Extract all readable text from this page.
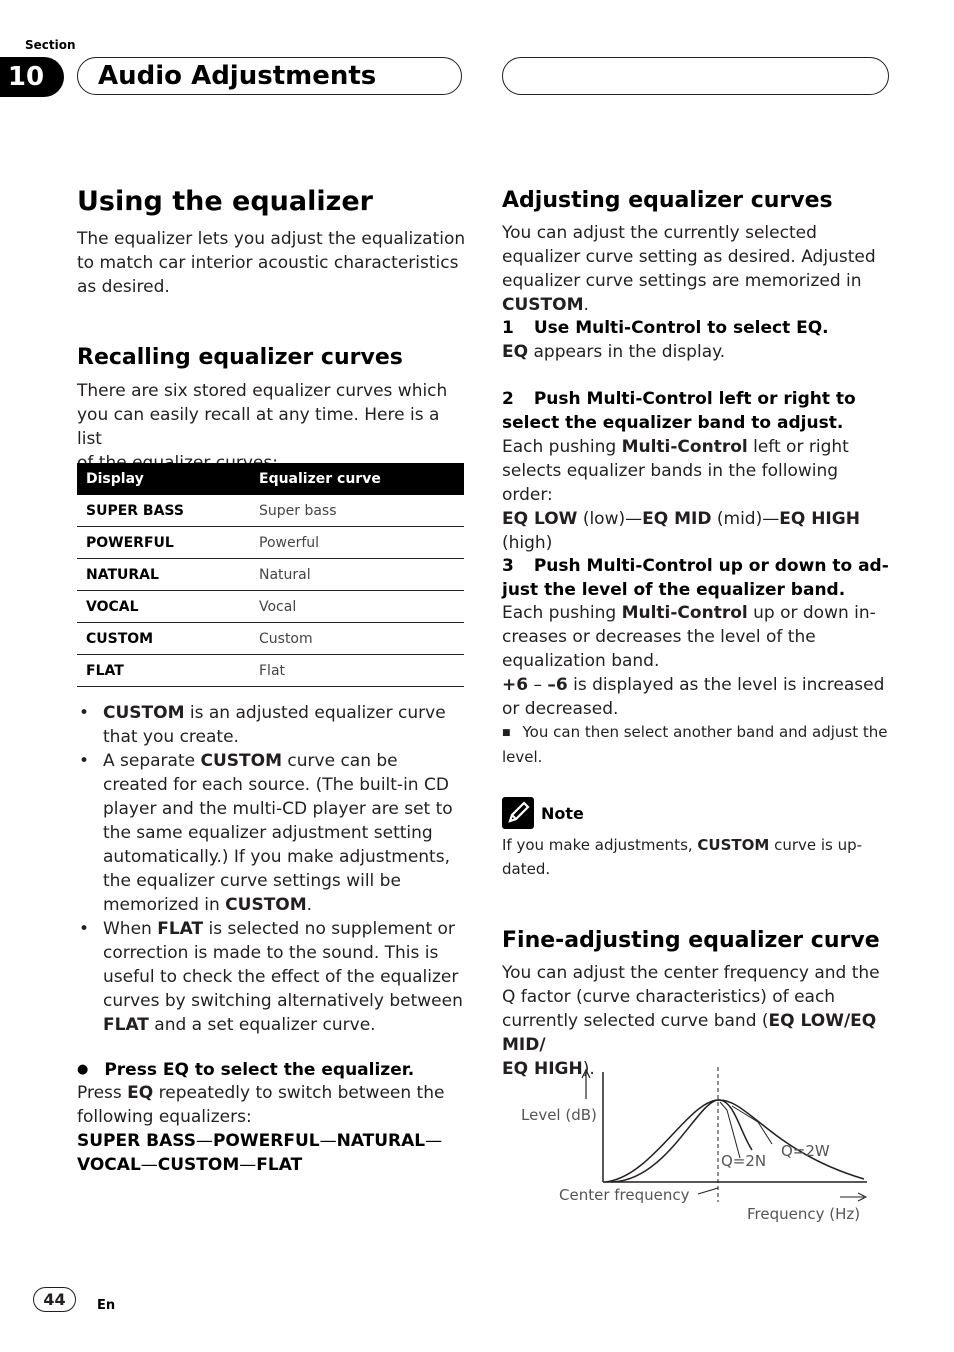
Section
10	Audio Adjustments
Using the equalizer
The equalizer lets you adjust the equalization
to match car interior acoustic characteristics
as desired.
Recalling equalizer curves
There are six stored equalizer curves which
you can easily recall at any time. Here is a list
Display	Equalizer curve
SUPER BASS	Super bass
POWERFUL	Powerful
NATURAL	Natural
VOCAL	Vocal
CUSTOM	Custom
FLAT	Flat
• CUSTOM is an adjusted equalizer curve that you create.
• A separate CUSTOM curve can be created for each source. (The built-in CD player and the multi-CD player are set to the same equalizer adjustment setting automatically.) If you make adjustments, the equalizer curve settings will be memorized in CUSTOM.
• When FLAT is selected no supplement or correction is made to the sound. This is useful to check the effect of the equalizer curves by switching alternatively between FLAT and a set equalizer curve.
● Press EQ to select the equalizer.
Press EQ repeatedly to switch between the following equalizers:
SUPER BASS—POWERFUL—NATURAL—
VOCAL—CUSTOM—FLAT
Adjusting equalizer curves
You can adjust the currently selected equalizer curve setting as desired. Adjusted equalizer curve settings are memorized in CUSTOM.
1 Use Multi-Control to select EQ.
EQ appears in the display.
2 Push Multi-Control left or right to select the equalizer band to adjust.
Each pushing Multi-Control left or right selects equalizer bands in the following order:
EQ LOW (low)—EQ MID (mid)—EQ HIGH (high)
3 Push Multi-Control up or down to adjust the level of the equalizer band.
Each pushing Multi-Control up or down increases or decreases the level of the equalization band.
+6 – –6 is displayed as the level is increased or decreased.
■ You can then select another band and adjust the level.
Note
If you make adjustments, CUSTOM curve is updated.
Fine-adjusting equalizer curve
You can adjust the center frequency and the Q factor (curve characteristics) of each currently selected curve band (EQ LOW/EQ MID/
EQ HIGH).
Level (dB)
Q=2N
Q=2W
Center frequency
Frequency (Hz)
44	En
